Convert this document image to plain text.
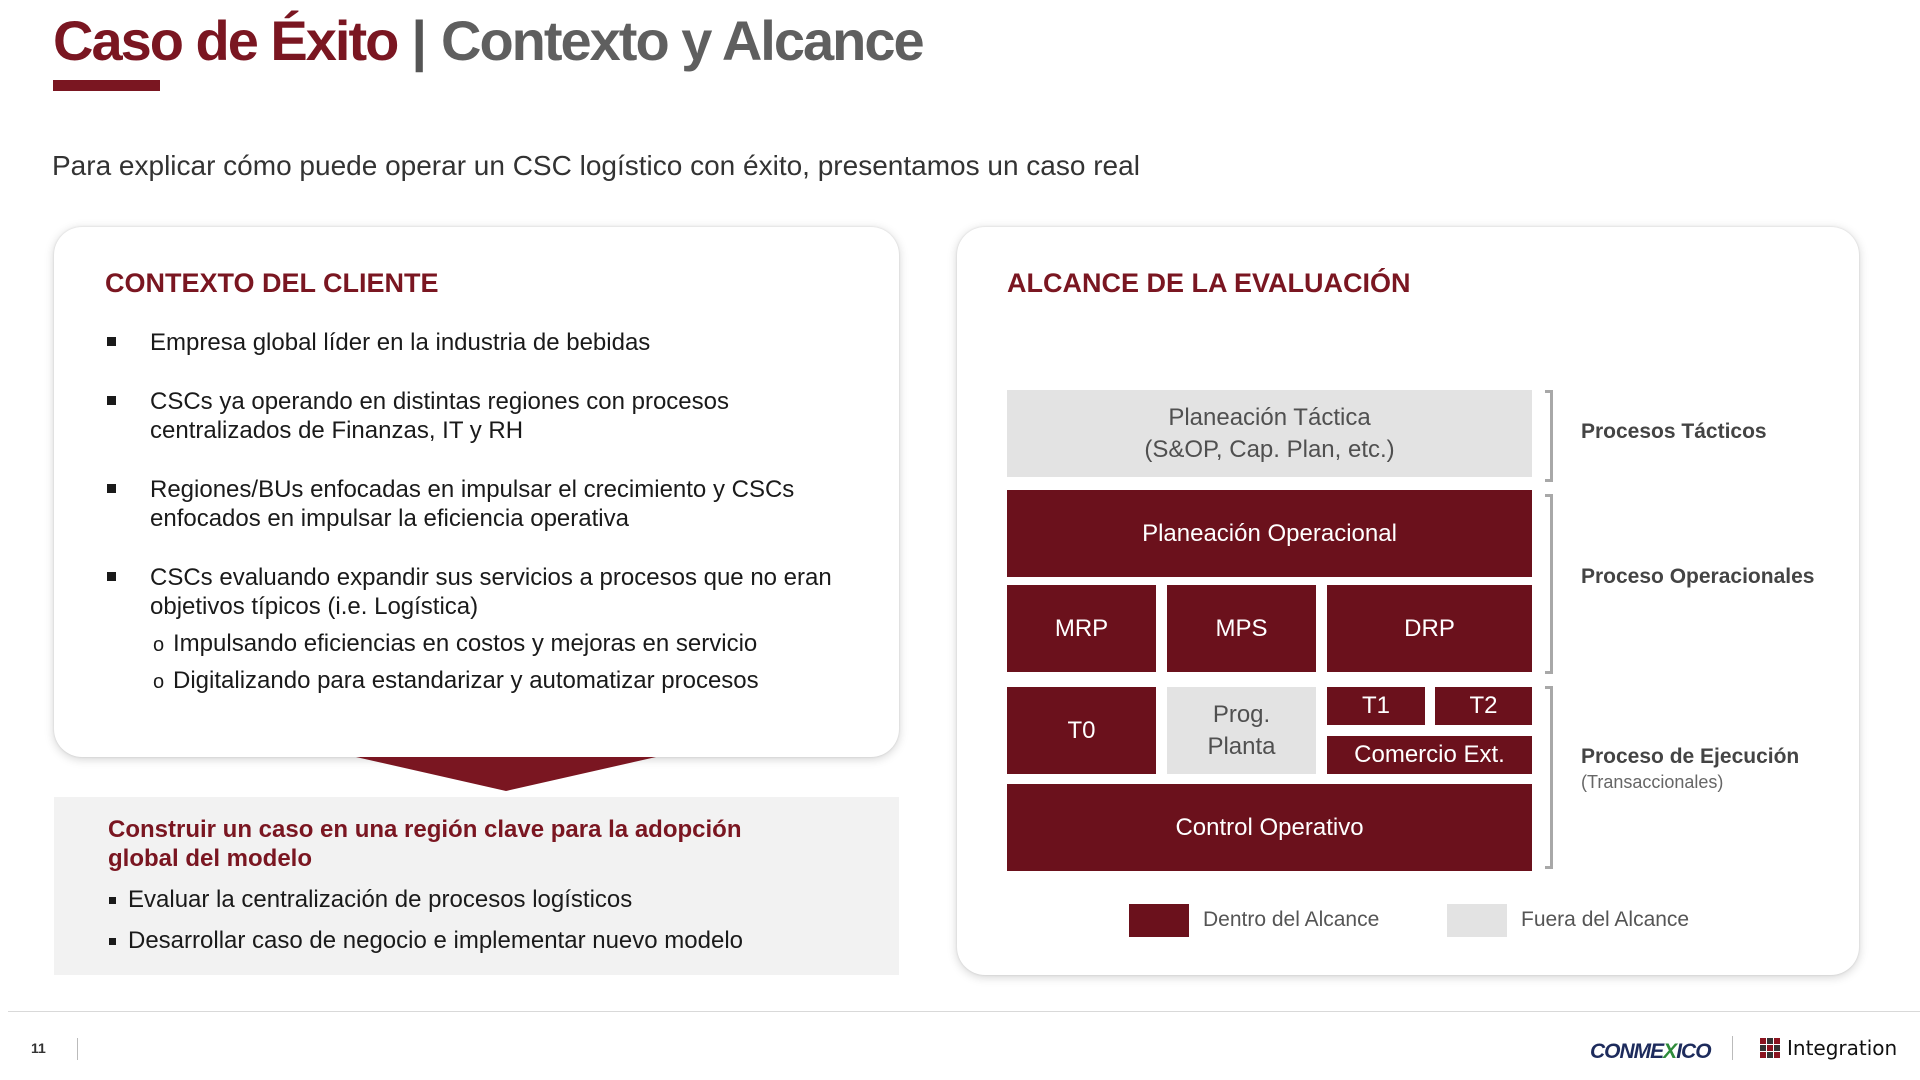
Caso de Éxito | Contexto y Alcance
Para explicar cómo puede operar un CSC logístico con éxito, presentamos un caso real
CONTEXTO DEL CLIENTE
Empresa global líder en la industria de bebidas
CSCs ya operando en distintas regiones con procesos
centralizados de Finanzas, IT y RH
Regiones/BUs enfocadas en impulsar el crecimiento y CSCs
enfocados en impulsar la eficiencia operativa
CSCs evaluando expandir sus servicios a procesos que no eran
objetivos típicos (i.e. Logística)
o Impulsando eficiencias en costos y mejoras en servicio
o Digitalizando para estandarizar y automatizar procesos
Construir un caso en una región clave para la adopción global del modelo
Evaluar la centralización de procesos logísticos
Desarrollar caso de negocio e implementar nuevo modelo
ALCANCE DE LA EVALUACIÓN
Planeación Táctica
(S&OP, Cap. Plan, etc.)
Planeación Operacional
MRP	MPS	DRP
T0
Prog.
Planta
T1	T2
Comercio Ext.
Control Operativo
Procesos Tácticos
Proceso Operacionales
Proceso de Ejecución
(Transaccionales)
Dentro del Alcance	Fuera del Alcance
11	CONMEXICO	Integration
